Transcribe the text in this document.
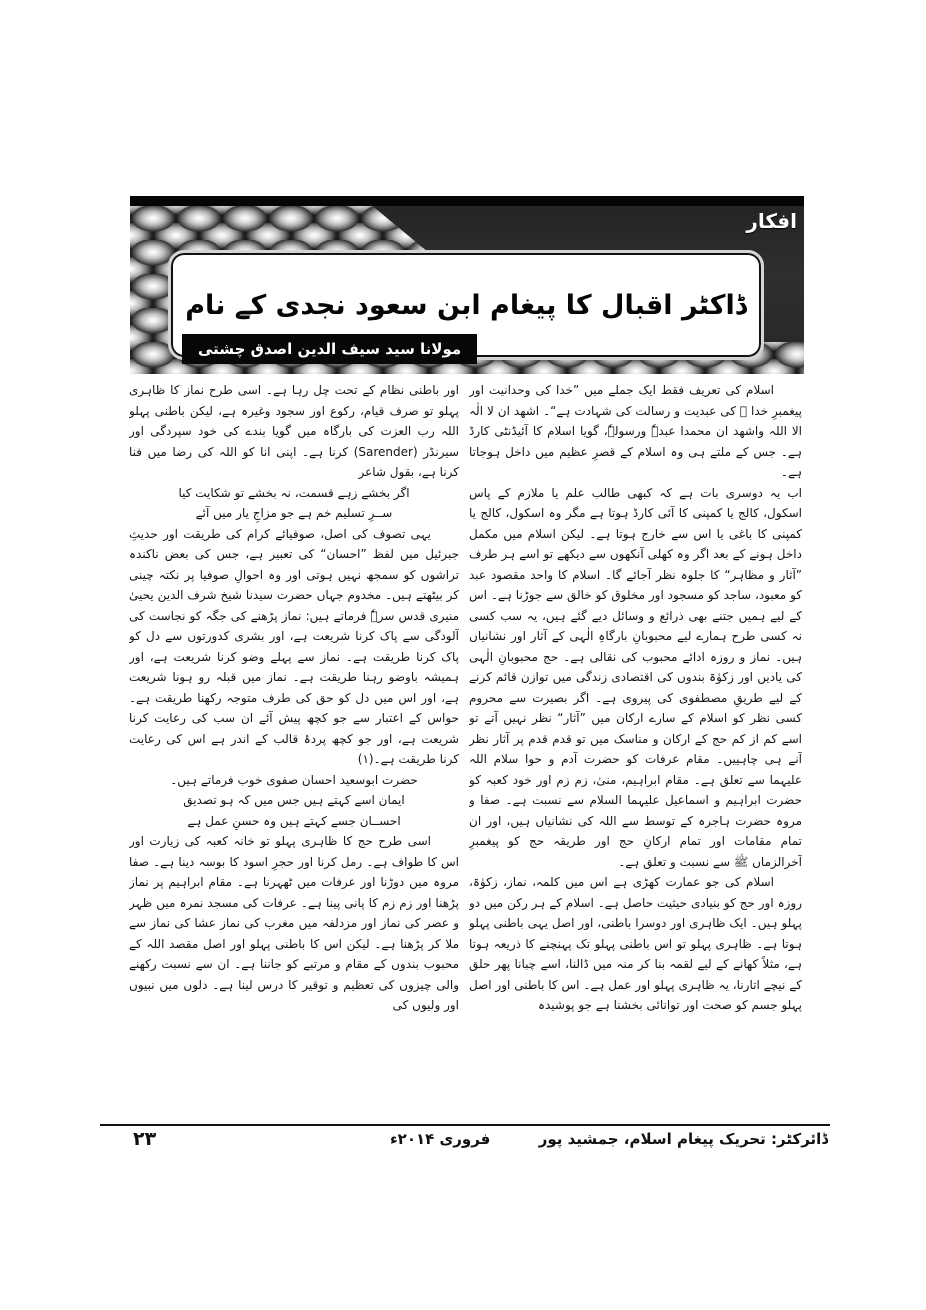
افکار
ڈاکٹر اقبال کا پیغام ابن سعود نجدی کے نام
مولانا سید سیف الدین اصدق چشتی

اسلام کی تعریف فقط ایک جملے میں ”خدا کی وحدانیت اور پیغمبرِ خدا ﷺ کی عبدیت و رسالت کی شہادت ہے“۔ اشھد ان لا الٰہ الا اللہ واشھد ان محمدا عبدہٗ ورسولہٗ، گویا اسلام کا آئیڈنٹی کارڈ ہے۔ جس کے ملتے ہی وہ اسلام کے قصرِ عظیم میں داخل ہوجاتا ہے۔

اب یہ دوسری بات ہے کہ کبھی طالب علم یا ملازم کے پاس اسکول، کالج یا کمپنی کا آئی کارڈ ہوتا ہے مگر وہ اسکول، کالج یا کمپنی کا باغی یا اس سے خارج ہوتا ہے۔ لیکن اسلام میں مکمل داخل ہونے کے بعد اگر وہ کھلی آنکھوں سے دیکھے تو اسے ہر طرف ”آثار و مظاہر“ کا جلوہ نظر آجائے گا۔ اسلام کا واحد مقصود عبد کو معبود، ساجد کو مسجود اور مخلوق کو خالق سے جوڑنا ہے۔ اس کے لیے ہمیں جتنے بھی ذرائع و وسائل دیے گئے ہیں، یہ سب کسی نہ کسی طرح ہمارے لیے محبوبانِ بارگاہِ الٰہی کے آثار اور نشانیاں ہیں۔ نماز و روزہ ادائے محبوب کی نقالی ہے۔ حج محبوبانِ الٰہی کی یادیں اور زکوٰۃ بندوں کی اقتصادی زندگی میں توازن قائم کرنے کے لیے طریقِ مصطفوی کی پیروی ہے۔ اگر بصیرت سے محروم کسی نظر کو اسلام کے سارے ارکان میں ”آثار“ نظر نہیں آتے تو اسے کم از کم حج کے ارکان و مناسک میں تو قدم قدم پر آثار نظر آنے ہی چاہییں۔ مقام عرفات کو حضرت آدم و حوا سلام اللہ علیہما سے تعلق ہے۔ مقام ابراہیم، منیٰ، زم زم اور خود کعبہ کو حضرت ابراہیم و اسماعیل علیہما السلام سے نسبت ہے۔ صفا و مروہ حضرت ہاجرہ کے توسط سے اللہ کی نشانیاں ہیں، اور ان تمام مقامات اور تمام ارکانِ حج اور طریقہ حج کو پیغمبرِ آخرالزماں ﷺ سے نسبت و تعلق ہے۔

اسلام کی جو عمارت کھڑی ہے اس میں کلمہ، نماز، زکوٰۃ، روزہ اور حج کو بنیادی حیثیت حاصل ہے۔ اسلام کے ہر رکن میں دو پہلو ہیں۔ ایک ظاہری اور دوسرا باطنی، اور اصل یہی باطنی پہلو ہوتا ہے۔ ظاہری پہلو تو اس باطنی پہلو تک پہنچنے کا ذریعہ ہوتا ہے، مثلاً کھانے کے لیے لقمہ بنا کر منہ میں ڈالنا، اسے چبانا پھر حلق کے نیچے اتارنا، یہ ظاہری پہلو اور عمل ہے۔ اس کا باطنی اور اصل پہلو جسم کو صحت اور توانائی بخشنا ہے جو پوشیدہ

اور باطنی نظام کے تحت چل رہا ہے۔ اسی طرح نماز کا ظاہری پہلو تو صرف قیام، رکوع اور سجود وغیرہ ہے، لیکن باطنی پہلو اللہ رب العزت کی بارگاہ میں گویا بندے کی خود سپردگی اور سیرنڈر (Sarender) کرنا ہے۔ اپنی انا کو اللہ کی رضا میں فنا کرنا ہے، بقول شاعر

اگر بخشے زہے قسمت، نہ بخشے تو شکایت کیا

ســرِ تسلیم خم ہے جو مزاجِ یار میں آئے

یہی تصوف کی اصل، صوفیائے کرام کی طریقت اور حدیثِ جبرئیل میں لفظ ”احسان“ کی تعبیر ہے، جس کی بعض ناکندہ تراشوں کو سمجھ نہیں ہوتی اور وہ احوالِ صوفیا پر نکتہ چینی کر بیٹھتے ہیں۔ مخدوم جہاں حضرت سیدنا شیخ شرف الدین یحییٰ منیری قدس سرہٗ فرماتے ہیں: نماز پڑھنے کی جگہ کو نجاست کی آلودگی سے پاک کرنا شریعت ہے، اور بشری کدورتوں سے دل کو پاک کرنا طریقت ہے۔ نماز سے پہلے وضو کرنا شریعت ہے، اور ہمیشہ باوضو رہنا طریقت ہے۔ نماز میں قبلہ رو ہونا شریعت ہے، اور اس میں دل کو حق کی طرف متوجہ رکھنا طریقت ہے۔ حواس کے اعتبار سے جو کچھ پیش آئے ان سب کی رعایت کرنا شریعت ہے، اور جو کچھ پردۂ قالب کے اندر ہے اس کی رعایت کرنا طریقت ہے۔(۱)

حضرت ابوسعید احسان صفوی خوب فرماتے ہیں۔

ایمان اسے کہتے ہیں جس میں کہ ہو تصدیق

احســان جسے کہتے ہیں وہ حسنِ عمل ہے

اسی طرح حج کا ظاہری پہلو تو خانہ کعبہ کی زیارت اور اس کا طواف ہے۔ رمل کرنا اور حجرِ اسود کا بوسہ دینا ہے۔ صفا مروہ میں دوڑنا اور عرفات میں ٹھہرنا ہے۔ مقام ابراہیم پر نماز پڑھنا اور زم زم کا پانی پینا ہے۔ عرفات کی مسجد نمرہ میں ظہر و عصر کی نماز اور مزدلفہ میں مغرب کی نماز عشا کی نماز سے ملا کر پڑھنا ہے۔ لیکن اس کا باطنی پہلو اور اصل مقصد اللہ کے محبوب بندوں کے مقام و مرتبے کو جاننا ہے۔ ان سے نسبت رکھنے والی چیزوں کی تعظیم و توقیر کا درس لینا ہے۔ دلوں میں نبیوں اور ولیوں کی

ڈائرکٹر: تحریک پیغام اسلام، جمشید پور
فروری ۲۰۱۴ء
۲۳
